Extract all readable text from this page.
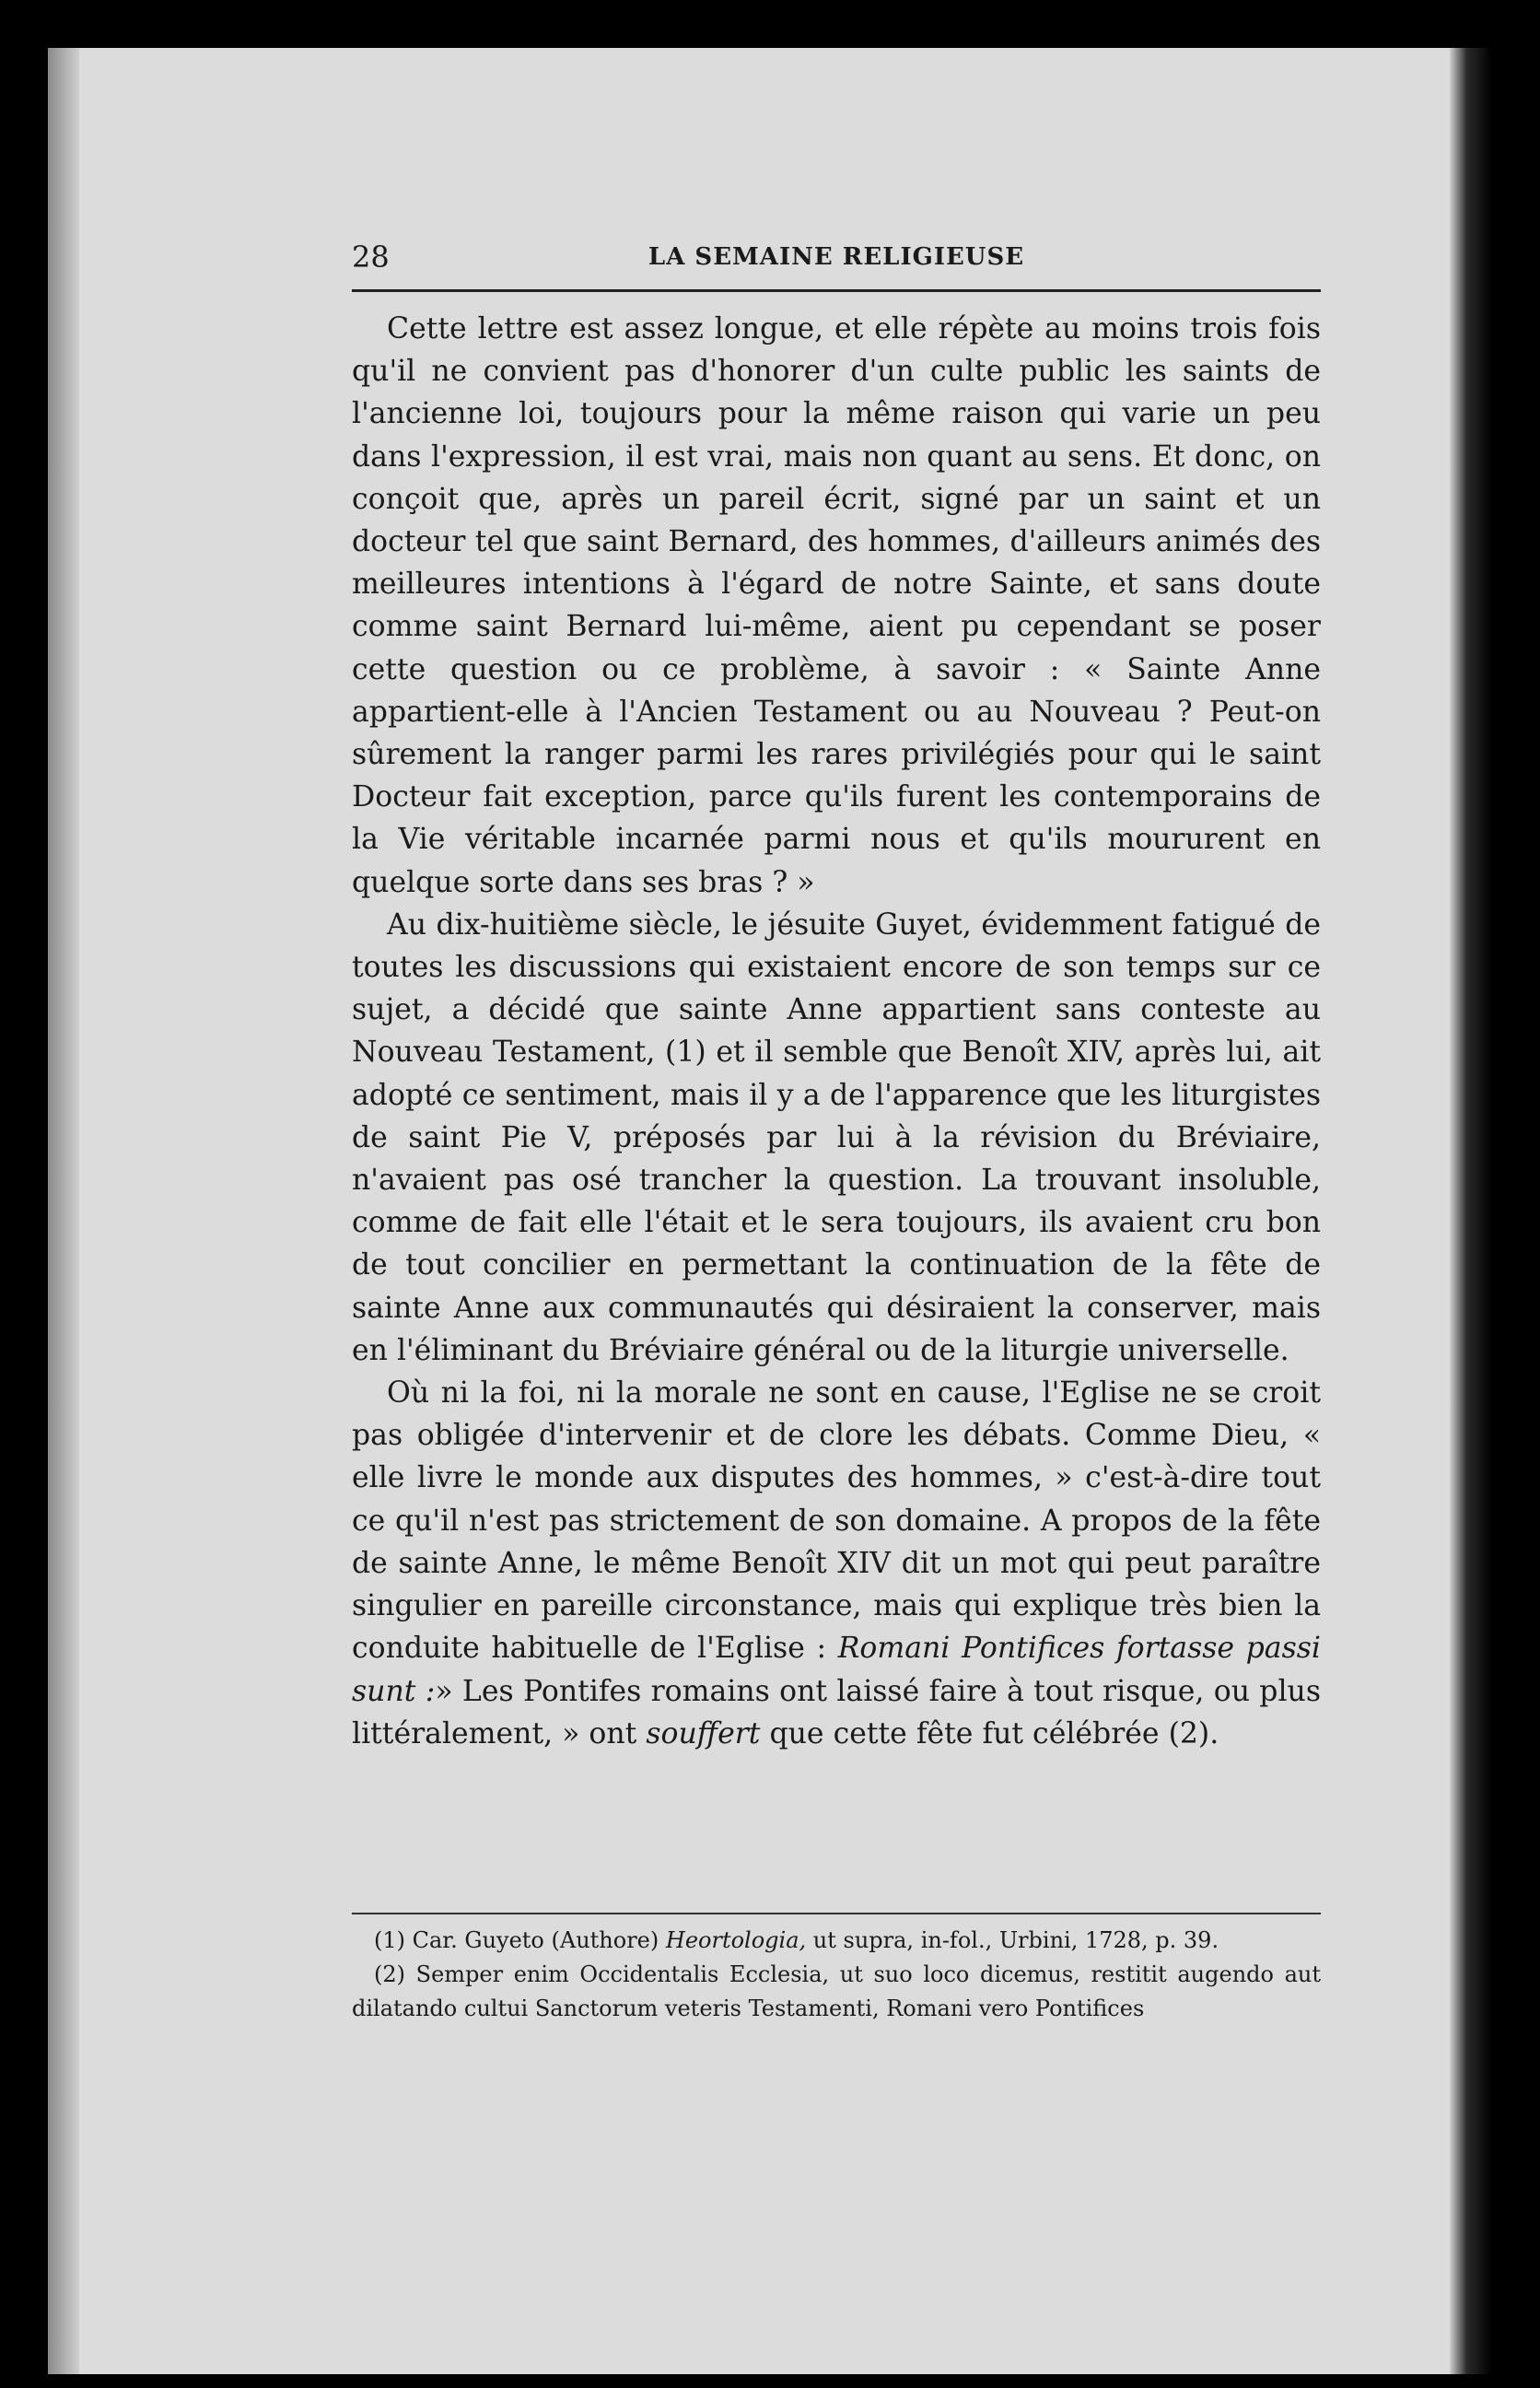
28	LA SEMAINE RELIGIEUSE

Cette lettre est assez longue, et elle répète au moins trois fois qu'il ne convient pas d'honorer d'un culte public les saints de l'ancienne loi, toujours pour la même raison qui varie un peu dans l'expression, il est vrai, mais non quant au sens. Et donc, on conçoit que, après un pareil écrit, signé par un saint et un docteur tel que saint Bernard, des hommes, d'ailleurs animés des meilleures intentions à l'égard de notre Sainte, et sans doute comme saint Bernard lui-même, aient pu cependant se poser cette question ou ce problème, à savoir : « Sainte Anne appartient-elle à l'Ancien Testament ou au Nouveau ? Peut-on sûrement la ranger parmi les rares privilégiés pour qui le saint Docteur fait exception, parce qu'ils furent les contemporains de la Vie véritable incarnée parmi nous et qu'ils moururent en quelque sorte dans ses bras ? »

Au dix-huitième siècle, le jésuite Guyet, évidemment fatigué de toutes les discussions qui existaient encore de son temps sur ce sujet, a décidé que sainte Anne appartient sans conteste au Nouveau Testament, (1) et il semble que Benoît XIV, après lui, ait adopté ce sentiment, mais il y a de l'apparence que les liturgistes de saint Pie V, préposés par lui à la révision du Bréviaire, n'avaient pas osé trancher la question. La trouvant insoluble, comme de fait elle l'était et le sera toujours, ils avaient cru bon de tout concilier en permettant la continuation de la fête de sainte Anne aux communautés qui désiraient la conserver, mais en l'éliminant du Bréviaire général ou de la liturgie universelle.

Où ni la foi, ni la morale ne sont en cause, l'Eglise ne se croit pas obligée d'intervenir et de clore les débats. Comme Dieu, « elle livre le monde aux disputes des hommes, » c'est-à-dire tout ce qu'il n'est pas strictement de son domaine. A propos de la fête de sainte Anne, le même Benoît XIV dit un mot qui peut paraître singulier en pareille circonstance, mais qui explique très bien la conduite habituelle de l'Eglise : Romani Pontifices fortasse passi sunt :» Les Pontifes romains ont laissé faire à tout risque, ou plus littéralement, » ont souffert que cette fête fut célébrée (2).

(1) Car. Guyeto (Authore) Heortologia, ut supra, in-fol., Urbini, 1728, p. 39.

(2) Semper enim Occidentalis Ecclesia, ut suo loco dicemus, restitit augendo aut dilatando cultui Sanctorum veteris Testamenti, Romani vero Pontifices
